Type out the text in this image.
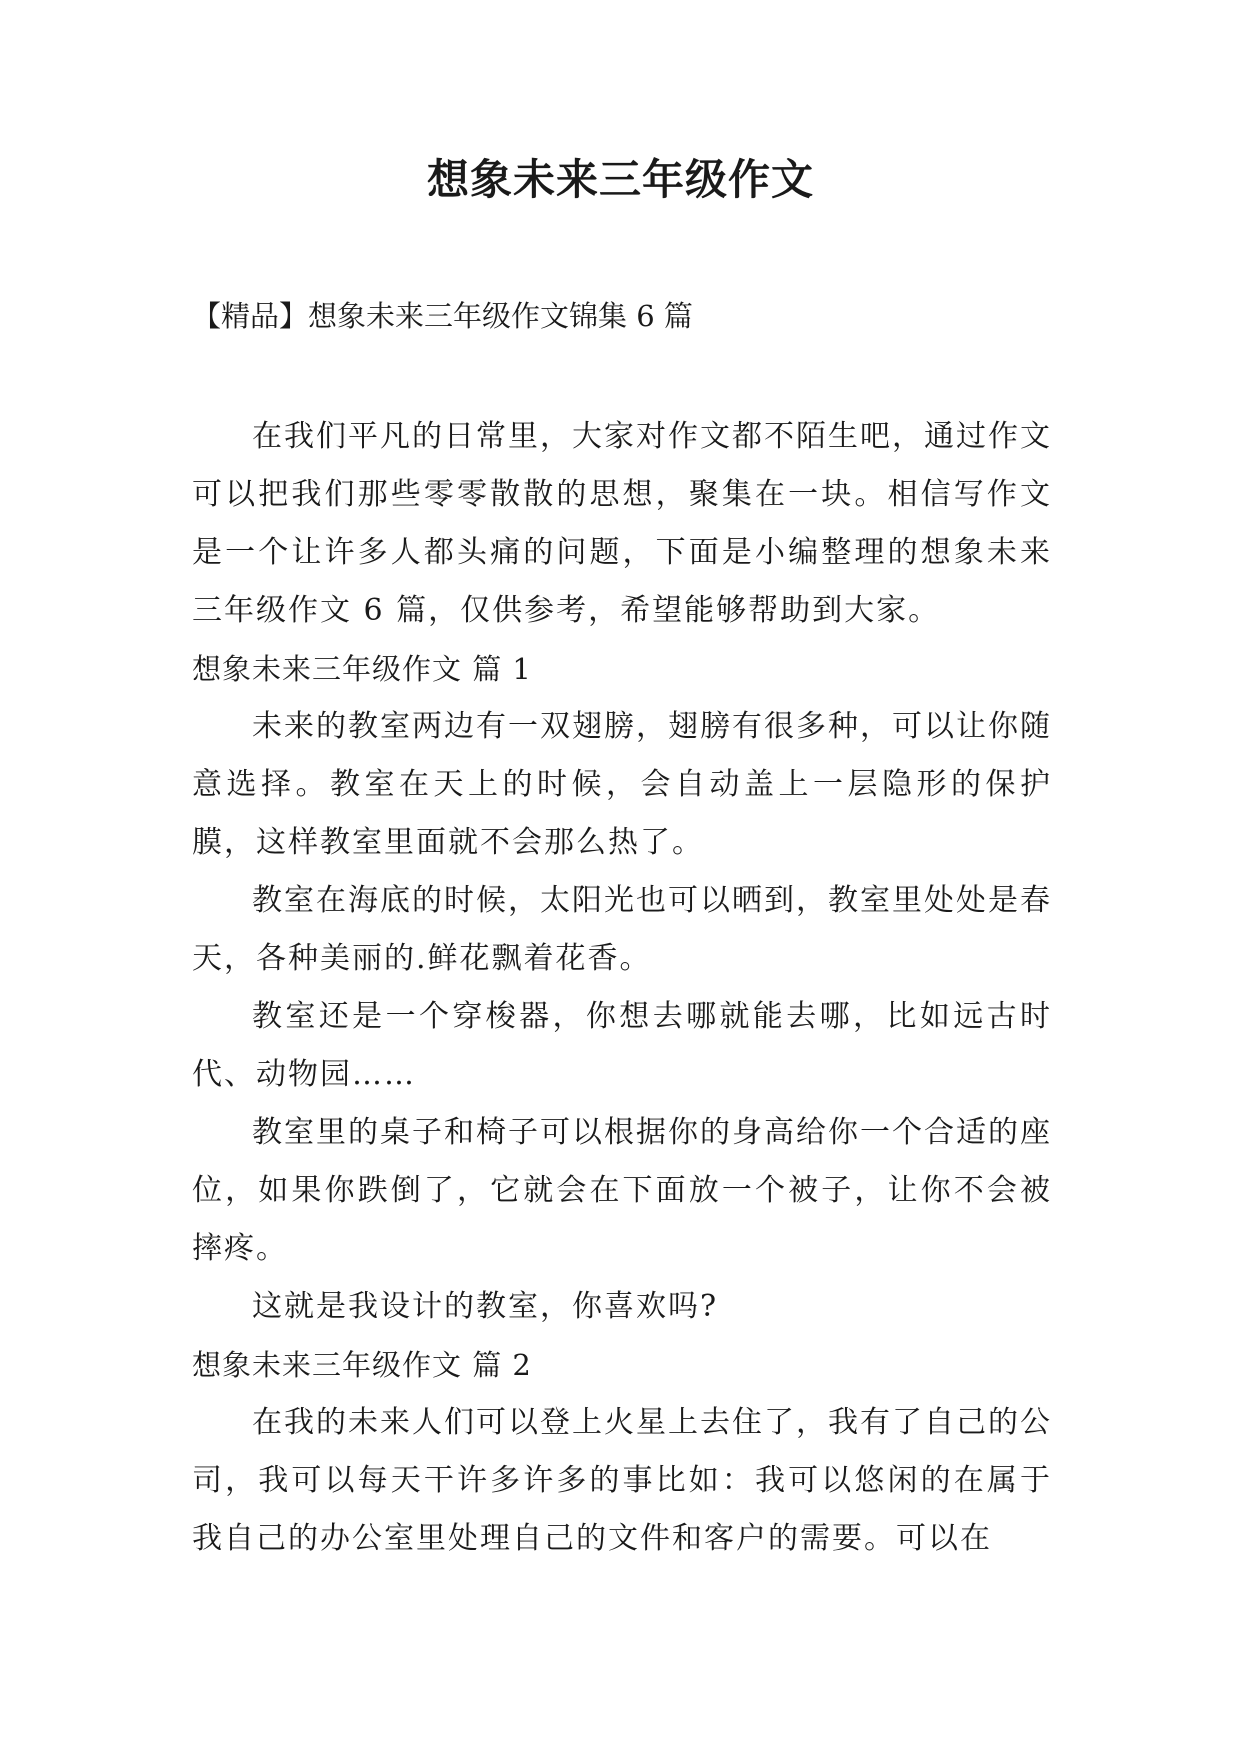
想象未来三年级作文

【精品】想象未来三年级作文锦集 6 篇

在我们平凡的日常里，大家对作文都不陌生吧，通过作文可以把我们那些零零散散的思想，聚集在一块。相信写作文是一个让许多人都头痛的问题，下面是小编整理的想象未来三年级作文 6 篇，仅供参考，希望能够帮助到大家。

想象未来三年级作文 篇 1

未来的教室两边有一双翅膀，翅膀有很多种，可以让你随意选择。教室在天上的时候，会自动盖上一层隐形的保护膜，这样教室里面就不会那么热了。

教室在海底的时候，太阳光也可以晒到，教室里处处是春天，各种美丽的.鲜花飘着花香。

教室还是一个穿梭器，你想去哪就能去哪，比如远古时代、动物园……

教室里的桌子和椅子可以根据你的身高给你一个合适的座位，如果你跌倒了，它就会在下面放一个被子，让你不会被摔疼。

这就是我设计的教室，你喜欢吗?

想象未来三年级作文 篇 2

在我的未来人们可以登上火星上去住了，我有了自己的公司，我可以每天干许多许多的事比如：我可以悠闲的在属于我自己的办公室里处理自己的文件和客户的需要。可以在
